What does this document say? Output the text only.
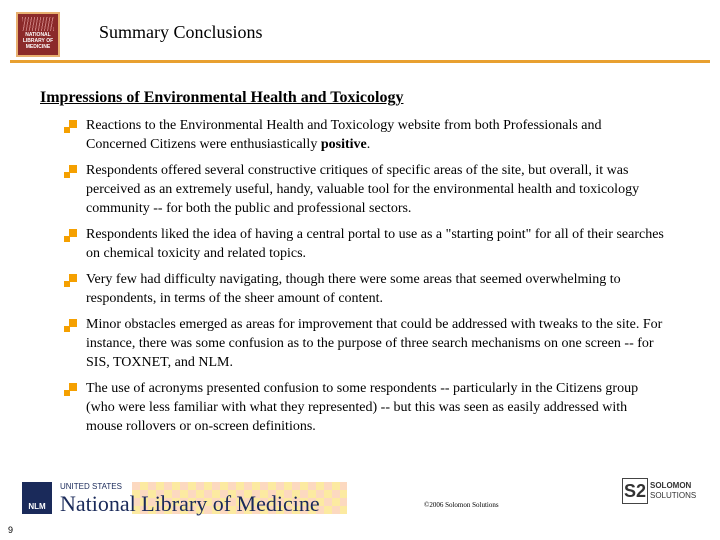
NATIONAL LIBRARY OF MEDICINE
Summary Conclusions
Impressions of Environmental Health and Toxicology
Reactions to the Environmental Health and Toxicology website from both Professionals and Concerned Citizens were enthusiastically positive.
Respondents offered several constructive critiques of specific areas of the site, but overall, it was perceived as an extremely useful, handy, valuable tool for the environmental health and toxicology community -- for both the public and professional sectors.
Respondents liked the idea of having a central portal to use as a "starting point" for all of their searches on chemical toxicity and related topics.
Very few had difficulty navigating, though there were some areas that seemed overwhelming to respondents, in terms of the sheer amount of content.
Minor obstacles emerged as areas for improvement that could be addressed with tweaks to the site. For instance, there was some confusion as to the purpose of three search mechanisms on one screen -- for SIS, TOXNET, and NLM.
The use of acronyms presented confusion to some respondents -- particularly in the Citizens group (who were less familiar with what they represented) -- but this was seen as easily addressed with mouse rollovers or on-screen definitions.
NLM
UNITED STATES
National Library of Medicine	©2006 Solomon Solutions
S2 SOLOMON
SOLUTIONS
9
